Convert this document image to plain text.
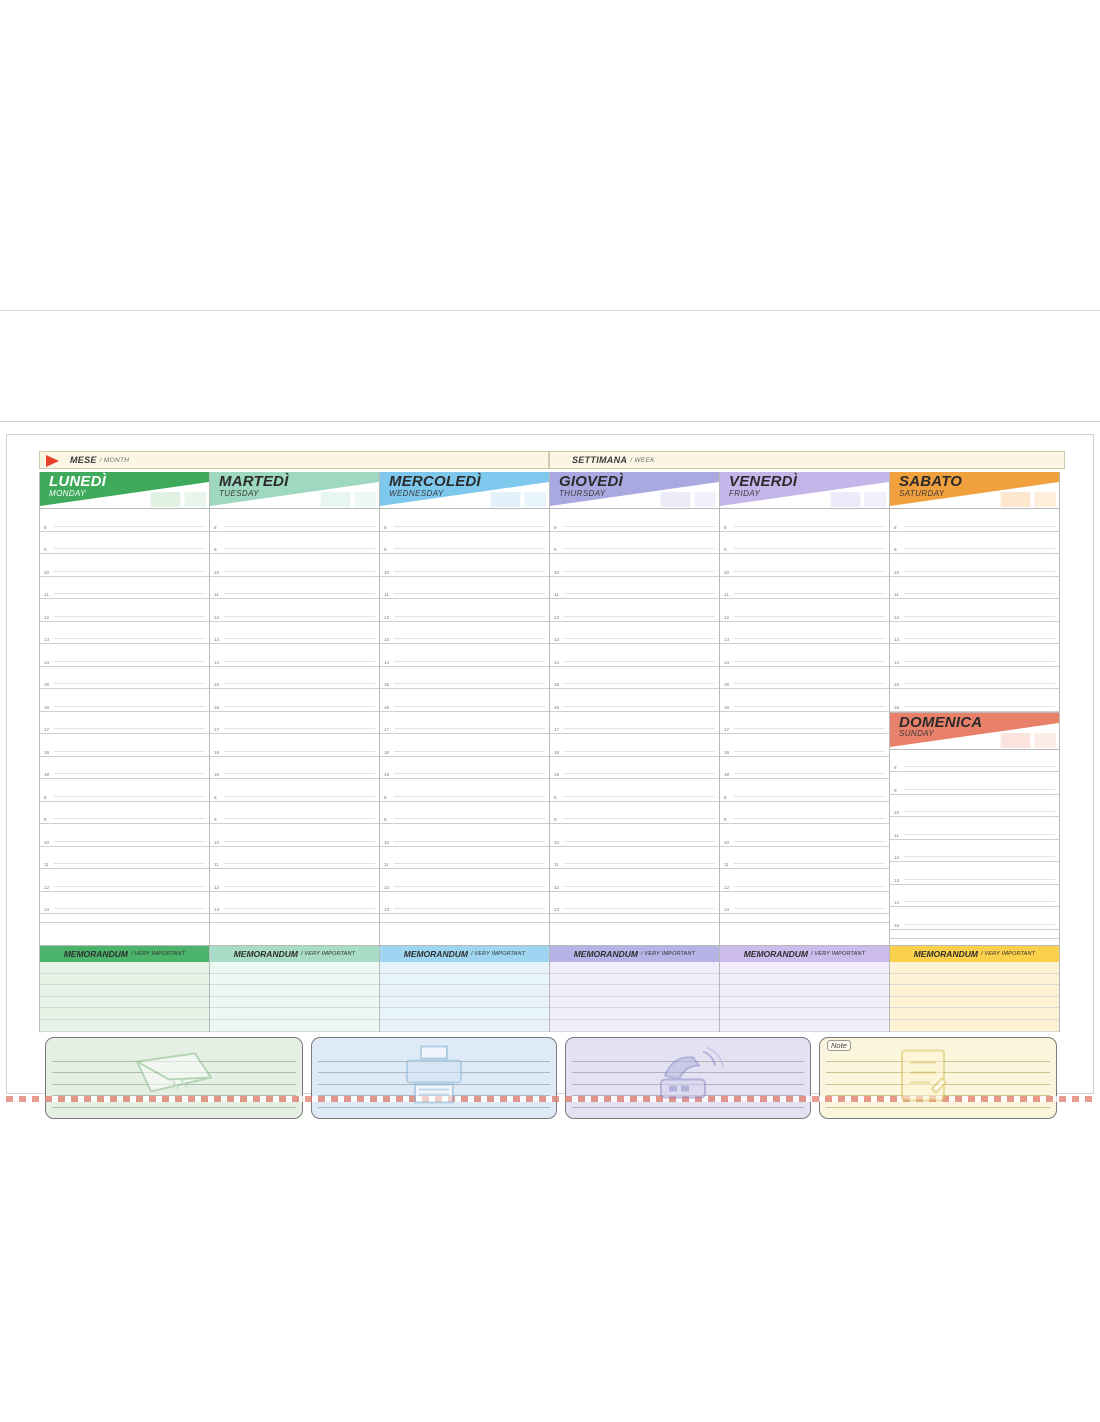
MESE / MONTH	SETTIMANA / WEEK
LUNEDÌ
MONDAY
8
9
10
11
12
13
14
15
16
17
18
19
8
9
10
11
12
13
MEMORANDUM / VERY IMPORTANT
MARTEDÌ
TUESDAY
8
9
10
11
12
13
14
15
16
17
18
19
8
9
10
11
12
13
MEMORANDUM / VERY IMPORTANT
MERCOLEDÌ
WEDNESDAY
8
9
10
11
12
13
14
15
16
17
18
19
8
9
10
11
12
13
MEMORANDUM / VERY IMPORTANT
GIOVEDÌ
THURSDAY
8
9
10
11
12
13
14
15
16
17
18
19
8
9
10
11
12
13
MEMORANDUM / VERY IMPORTANT
VENERDÌ
FRIDAY
8
9
10
11
12
13
14
15
16
17
18
19
8
9
10
11
12
13
MEMORANDUM / VERY IMPORTANT
SABATO
SATURDAY
8
9
10
11
12
13
14
15
16
DOMENICA
SUNDAY
8
9
10
11
12
13
14
15
MEMORANDUM / VERY IMPORTANT
Note
